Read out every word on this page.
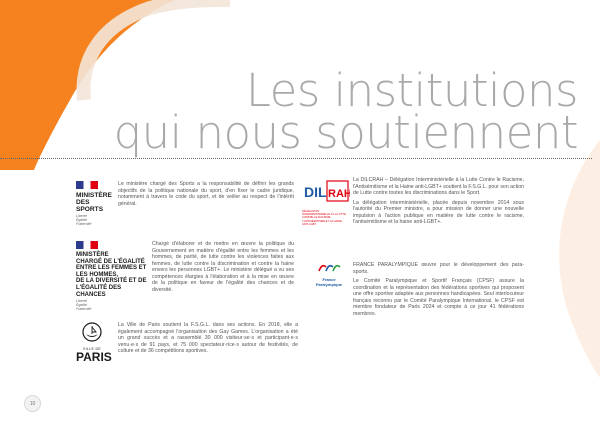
Les institutions
qui nous soutiennent
MINISTÈRE
DES SPORTS
Liberté Égalité Fraternité

Le ministère chargé des Sports a la responsabilité de définir les grands objectifs de la politique nationale du sport, d'en fixer le cadre juridique, notamment à travers le code du sport, et de veiller au respect de l'intérêt général.

MINISTÈRE
CHARGÉ DE L'ÉGALITÉ
ENTRE LES FEMMES ET
LES HOMMES,
DE LA DIVERSITÉ ET DE
L'ÉGALITÉ DES CHANCES
Liberté Égalité Fraternité

Chargé d'élaborer et de mettre en œuvre la politique du Gouvernement en matière d'égalité entre les femmes et les hommes, de parité, de lutte contre les violences faites aux femmes, de lutte contre la discrimination et contre la haine envers les personnes LGBT+. Le ministère délégué a vu ses compétences élargies à l'élaboration et à la mise en œuvre de la politique en faveur de l'égalité des chances et de diversité.

VILLE DE
PARIS

La Ville de Paris soutient la F.S.G.L. dans ses actions. En 2018, elle a également accompagné l'organisation des Gay Games. L'organisation a été un grand succès et a rassemblé 30 000 visiteur·se·s et participant·e·s venu·e·s de 91 pays, et 75 000 spectateur·rice·s autour de festivités, de culture et de 36 compétitions sportives.

DIL RAH
DÉLÉGATION INTERMINISTÉRIELLE À LA LUTTE CONTRE LE RACISME, L'ANTISÉMITISME ET LA HAINE ANTI-LGBT

La DILCRAH – Délégation Interministérielle à la Lutte Contre le Racisme, l'Antisémitisme et la Haine anti-LGBT+ soutient la F.S.G.L. pour son action de Lutte contre toutes les discriminations dans le Sport.

La délégation interministérielle, placée depuis novembre 2014 sous l'autorité du Premier ministre, a pour mission de donner une nouvelle impulsion à l'action publique en matière de lutte contre le racisme, l'antisémitisme et la haine anti-LGBT+.

France Paralympique

FRANCE PARALYMPIQUE œuvre pour le développement des para-sports.

Le Comité Paralympique et Sportif Français (CPSF) assure la coordination et la représentation des fédérations sportives qui proposent une offre sportive adaptée aux personnes handicapées. Seul interlocuteur français reconnu par le Comité Paralympique International, le CPSF est membre fondateur de Paris 2024 et compte à ce jour 41 fédérations membres.

10
